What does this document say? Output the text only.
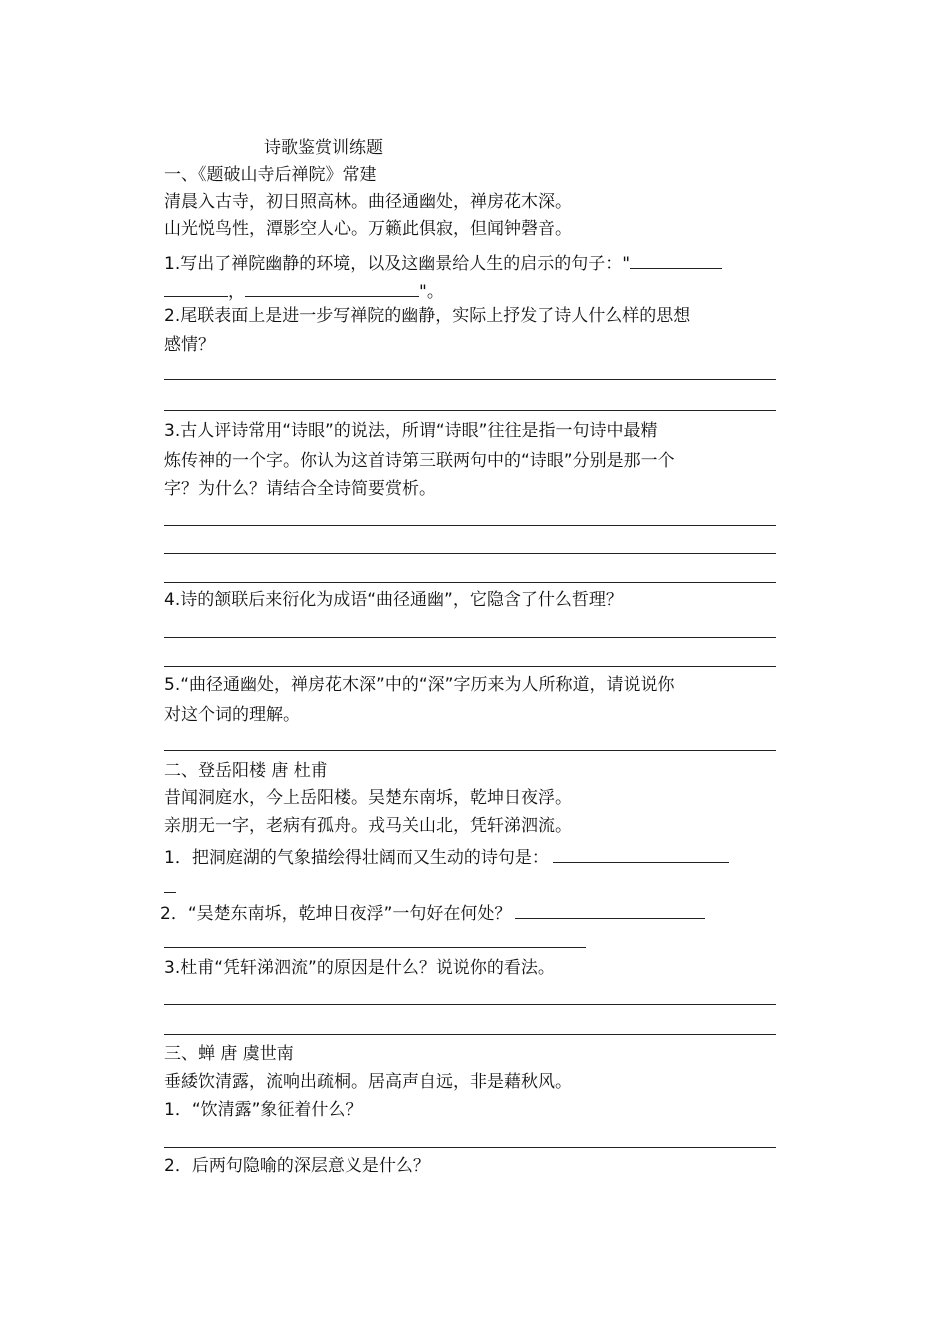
诗歌鉴赏训练题

一、《题破山寺后禅院》常建

清晨入古寺，初日照高林。曲径通幽处，禅房花木深。

山光悦鸟性，潭影空人心。万籁此俱寂，但闻钟磬音。

1.写出了禅院幽静的环境，以及这幽景给人生的启示的句子："

，	"。

2.尾联表面上是进一步写禅院的幽静，实际上抒发了诗人什么样的思想

感情？

3.古人评诗常用“诗眼”的说法，所谓“诗眼”往往是指一句诗中最精

炼传神的一个字。你认为这首诗第三联两句中的“诗眼”分别是那一个

字？为什么？请结合全诗简要赏析。

4.诗的颔联后来衍化为成语“曲径通幽”，它隐含了什么哲理？

5.“曲径通幽处，禅房花木深”中的“深”字历来为人所称道，请说说你

对这个词的理解。

二、登岳阳楼 唐 杜甫

昔闻洞庭水，今上岳阳楼。吴楚东南坼，乾坤日夜浮。

亲朋无一字，老病有孤舟。戎马关山北，凭轩涕泗流。

1．把洞庭湖的气象描绘得壮阔而又生动的诗句是：

2．“吴楚东南坼，乾坤日夜浮”一句好在何处？

3.杜甫“凭轩涕泗流”的原因是什么？说说你的看法。

三、蝉 唐 虞世南

垂緌饮清露，流响出疏桐。居高声自远，非是藉秋风。

1．“饮清露”象征着什么？

2．后两句隐喻的深层意义是什么？
